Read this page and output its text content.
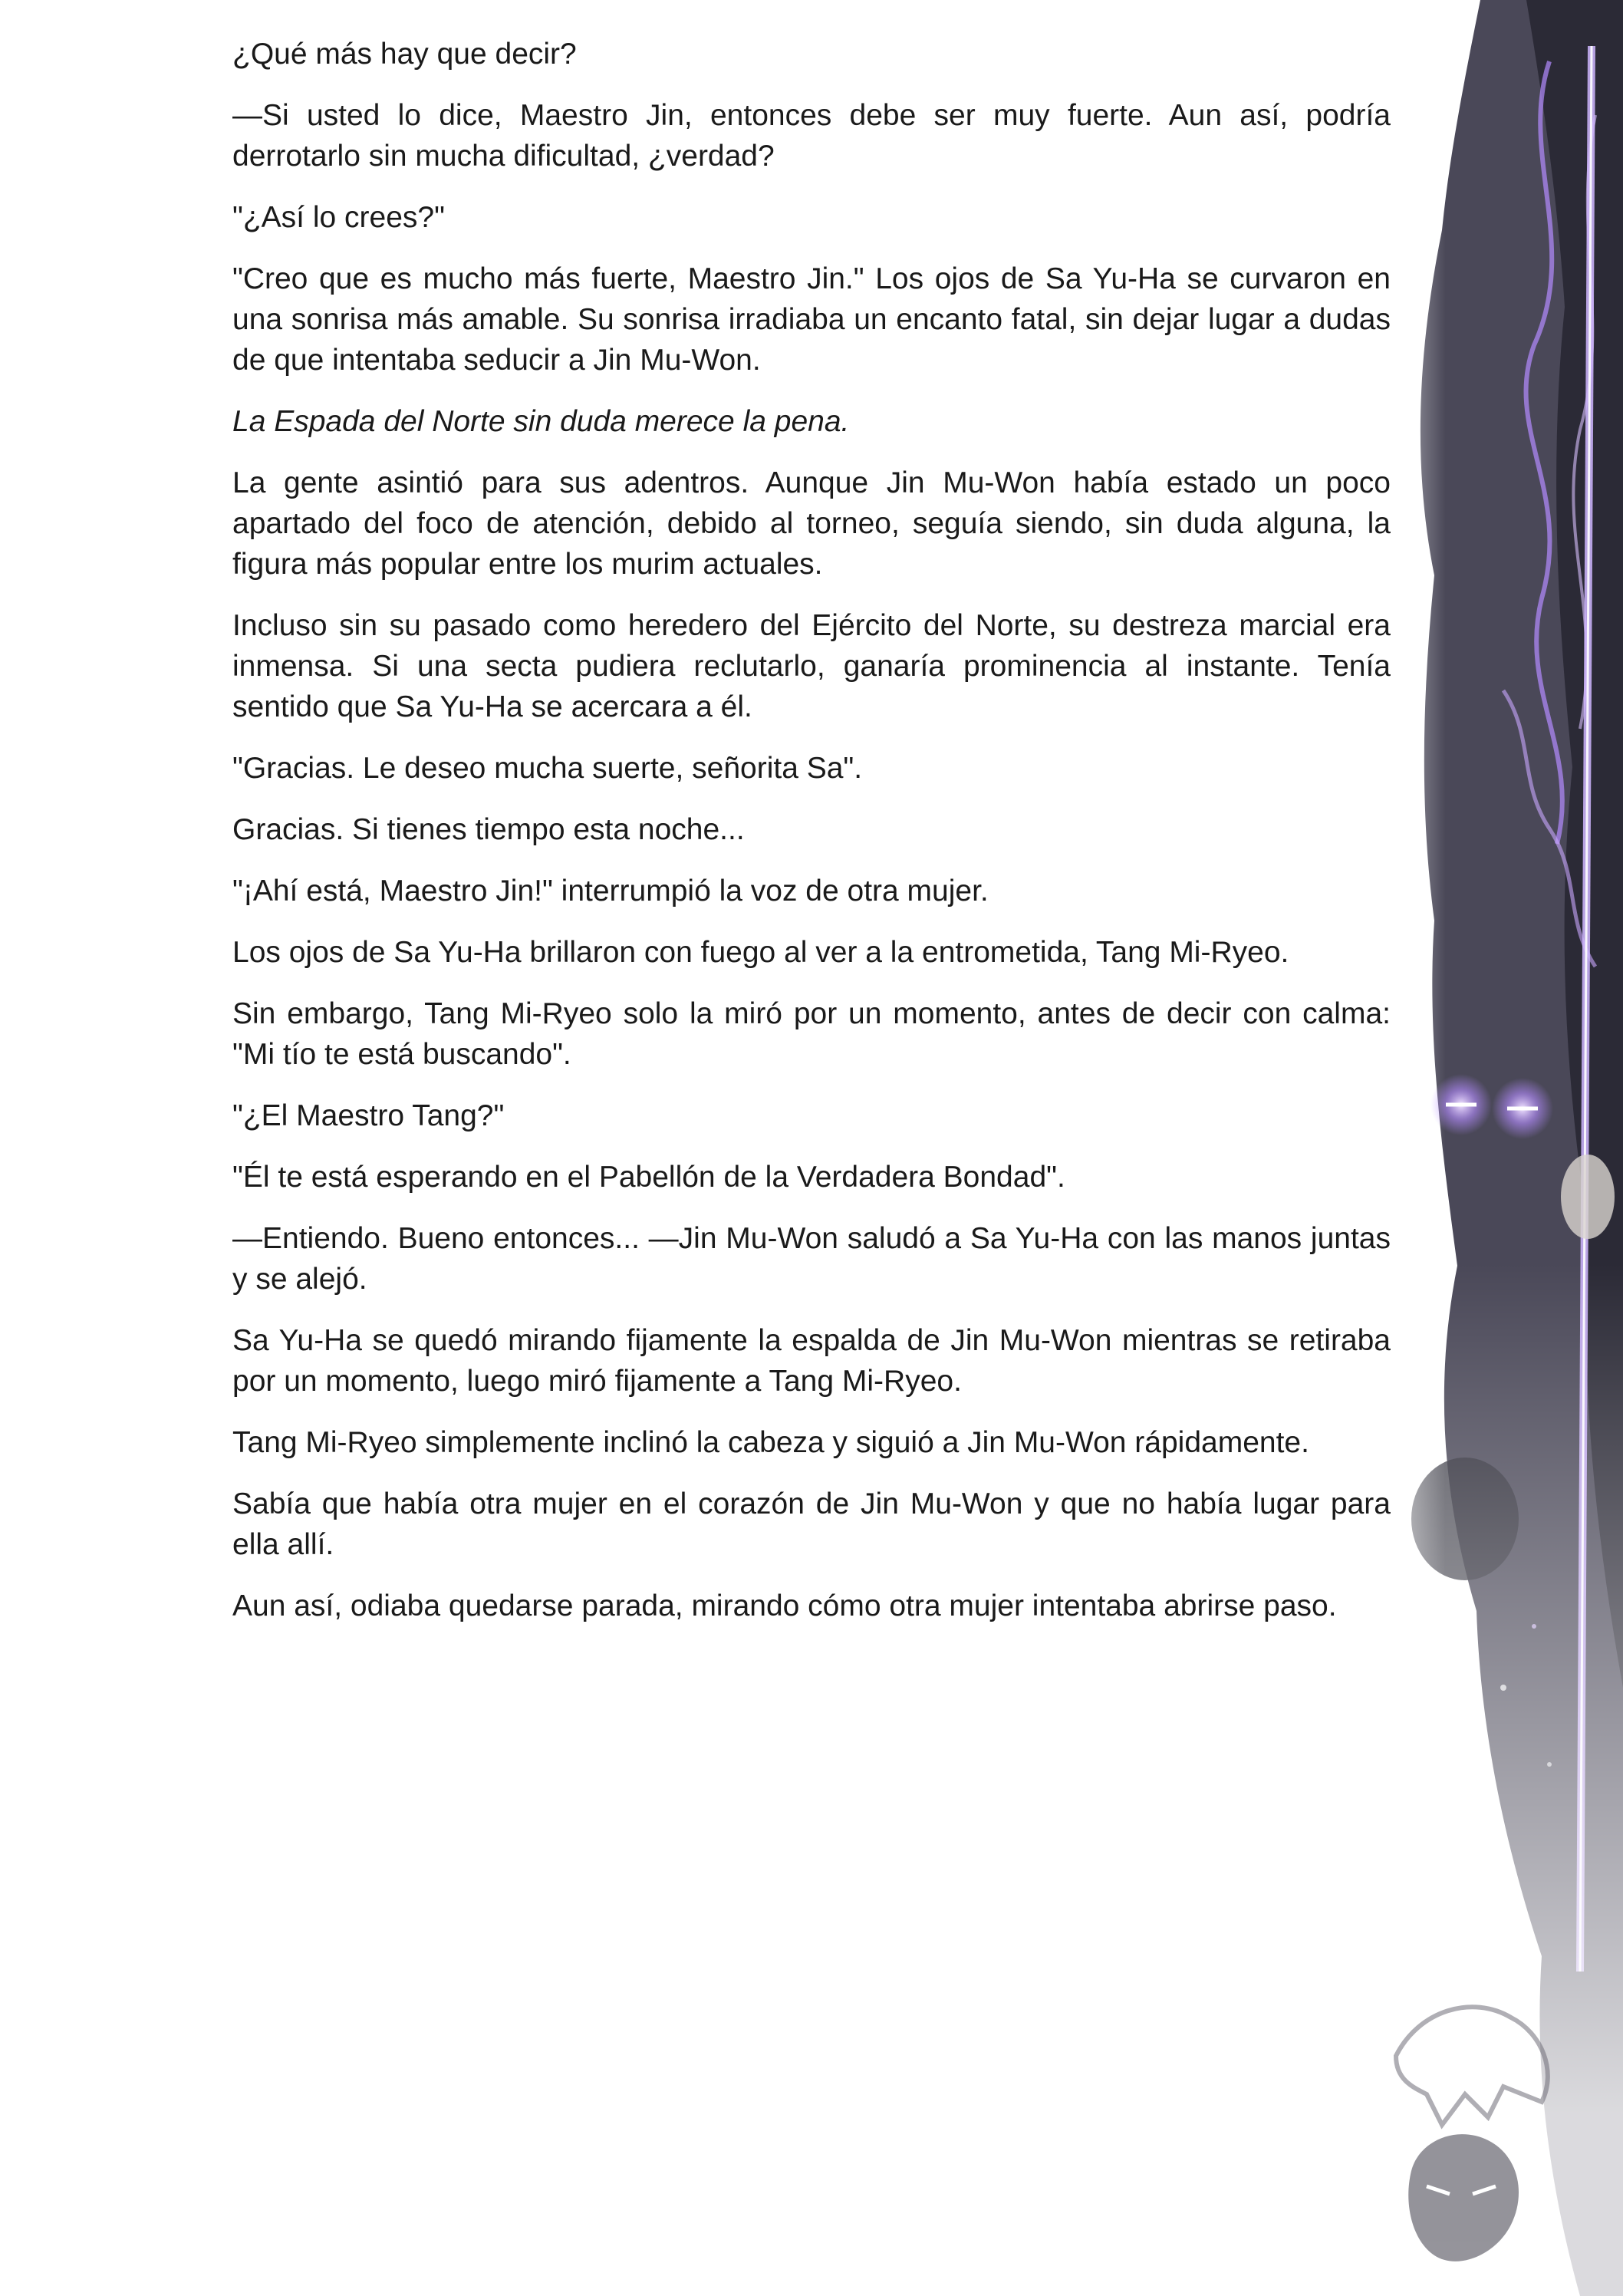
¿Qué más hay que decir?

—Si usted lo dice, Maestro Jin, entonces debe ser muy fuerte. Aun así, podría derrotarlo sin mucha dificultad, ¿verdad?

"¿Así lo crees?"

"Creo que es mucho más fuerte, Maestro Jin." Los ojos de Sa Yu-Ha se curvaron en una sonrisa más amable. Su sonrisa irradiaba un encanto fatal, sin dejar lugar a dudas de que intentaba seducir a Jin Mu-Won.

La Espada del Norte sin duda merece la pena.

La gente asintió para sus adentros. Aunque Jin Mu-Won había estado un poco apartado del foco de atención, debido al torneo, seguía siendo, sin duda alguna, la figura más popular entre los murim actuales.

Incluso sin su pasado como heredero del Ejército del Norte, su destreza marcial era inmensa. Si una secta pudiera reclutarlo, ganaría prominencia al instante. Tenía sentido que Sa Yu-Ha se acercara a él.

"Gracias. Le deseo mucha suerte, señorita Sa".

Gracias. Si tienes tiempo esta noche...

"¡Ahí está, Maestro Jin!" interrumpió la voz de otra mujer.

Los ojos de Sa Yu-Ha brillaron con fuego al ver a la entrometida, Tang Mi-Ryeo.

Sin embargo, Tang Mi-Ryeo solo la miró por un momento, antes de decir con calma: "Mi tío te está buscando".

"¿El Maestro Tang?"

"Él te está esperando en el Pabellón de la Verdadera Bondad".

—Entiendo. Bueno entonces... —Jin Mu-Won saludó a Sa Yu-Ha con las manos juntas y se alejó.

Sa Yu-Ha se quedó mirando fijamente la espalda de Jin Mu-Won mientras se retiraba por un momento, luego miró fijamente a Tang Mi-Ryeo.

Tang Mi-Ryeo simplemente inclinó la cabeza y siguió a Jin Mu-Won rápidamente.

Sabía que había otra mujer en el corazón de Jin Mu-Won y que no había lugar para ella allí.

Aun así, odiaba quedarse parada, mirando cómo otra mujer intentaba abrirse paso.
